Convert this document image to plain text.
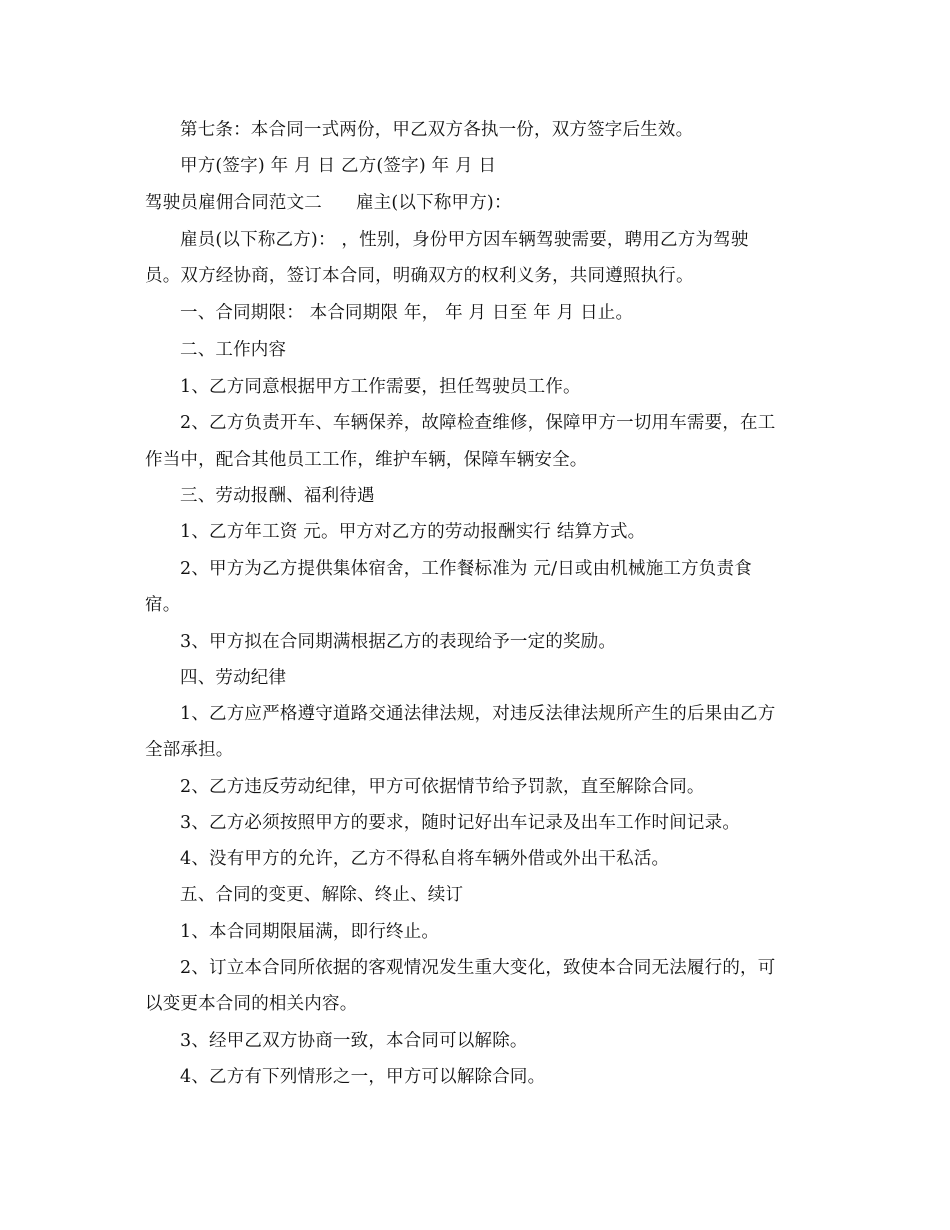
第七条：本合同一式两份，甲乙双方各执一份，双方签字后生效。
甲方(签字) 年 月 日 乙方(签字) 年 月 日
驾驶员雇佣合同范文二 雇主(以下称甲方)：
雇员(以下称乙方)： ，性别，身份甲方因车辆驾驶需要，聘用乙方为驾驶
员。双方经协商，签订本合同，明确双方的权利义务，共同遵照执行。
一、合同期限： 本合同期限 年， 年 月 日至 年 月 日止。
二、工作内容
1、乙方同意根据甲方工作需要，担任驾驶员工作。
2、乙方负责开车、车辆保养，故障检查维修，保障甲方一切用车需要，在工
作当中，配合其他员工工作，维护车辆，保障车辆安全。
三、劳动报酬、福利待遇
1、乙方年工资 元。甲方对乙方的劳动报酬实行 结算方式。
2、甲方为乙方提供集体宿舍，工作餐标准为 元/日或由机械施工方负责食
宿。
3、甲方拟在合同期满根据乙方的表现给予一定的奖励。
四、劳动纪律
1、乙方应严格遵守道路交通法律法规，对违反法律法规所产生的后果由乙方
全部承担。
2、乙方违反劳动纪律，甲方可依据情节给予罚款，直至解除合同。
3、乙方必须按照甲方的要求，随时记好出车记录及出车工作时间记录。
4、没有甲方的允许，乙方不得私自将车辆外借或外出干私活。
五、合同的变更、解除、终止、续订
1、本合同期限届满，即行终止。
2、订立本合同所依据的客观情况发生重大变化，致使本合同无法履行的，可
以变更本合同的相关内容。
3、经甲乙双方协商一致，本合同可以解除。
4、乙方有下列情形之一，甲方可以解除合同。
